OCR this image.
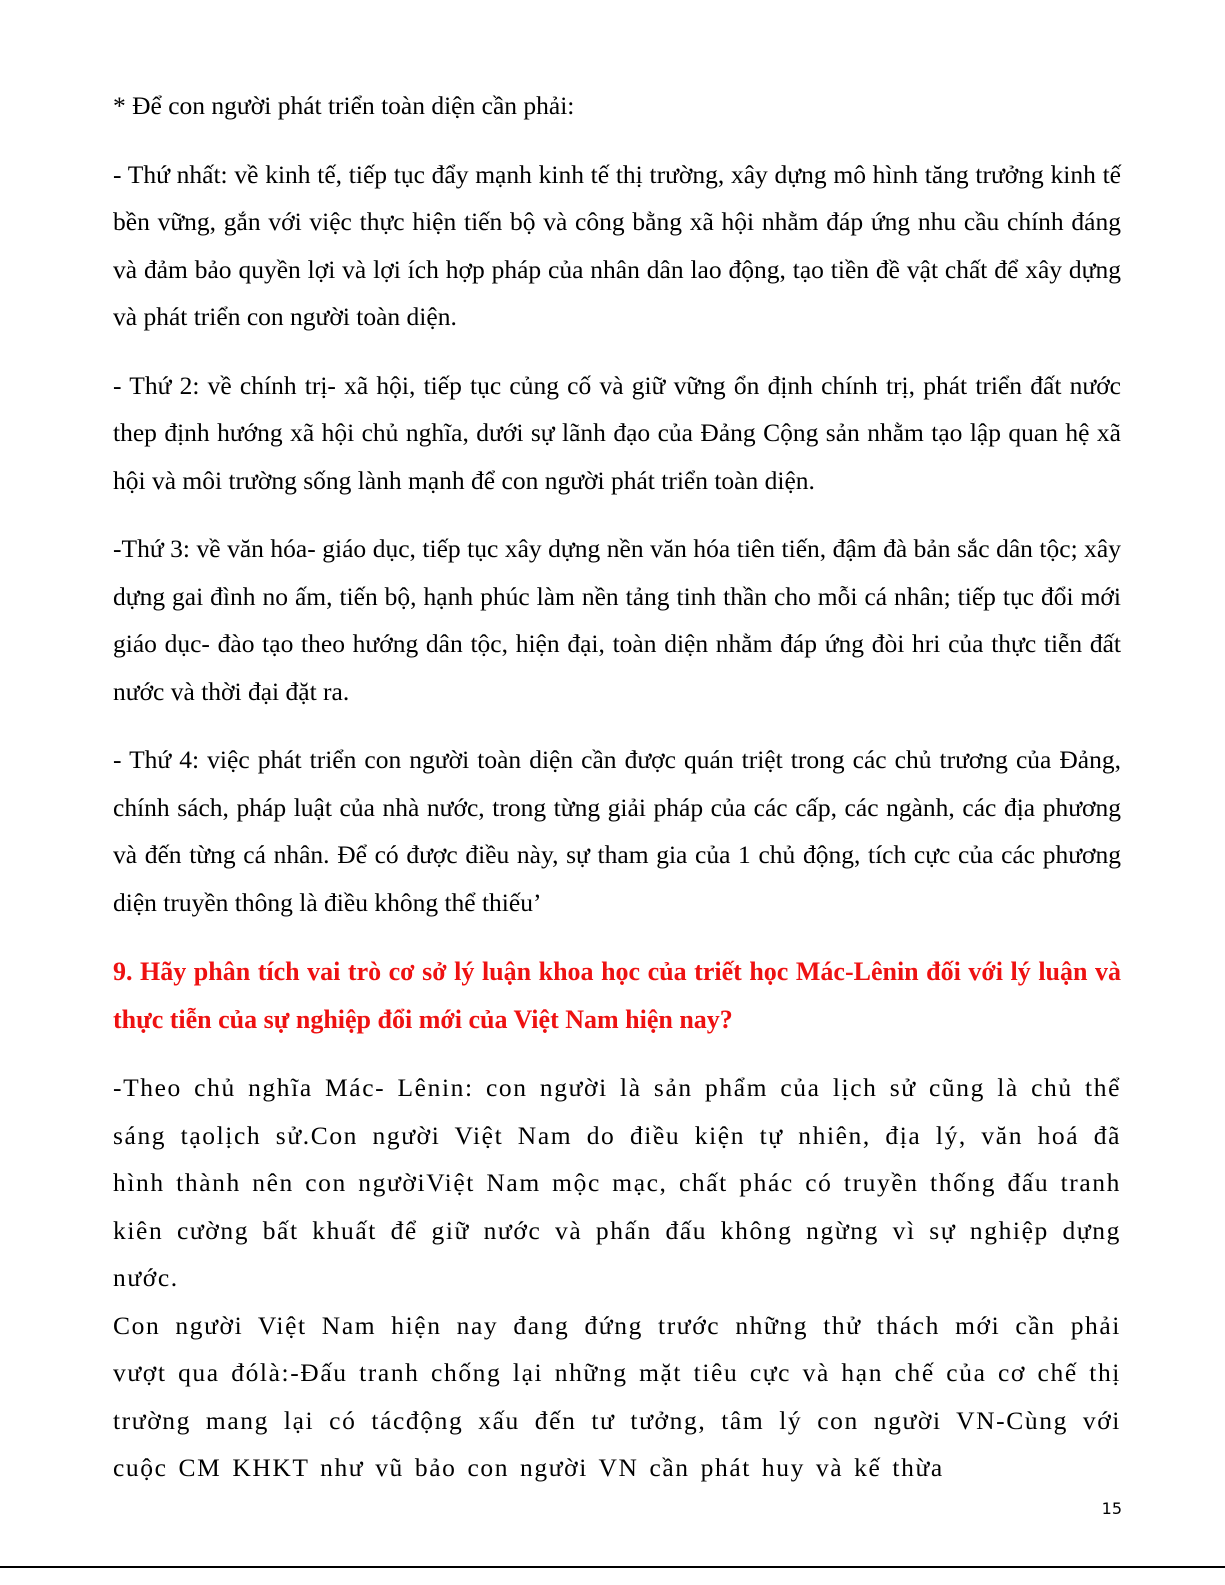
* Để con người phát triển toàn diện cần phải:

- Thứ nhất: về kinh tế, tiếp tục đẩy mạnh kinh tế thị trường, xây dựng mô hình tăng trưởng kinh tế bền vững, gắn với việc thực hiện tiến bộ và công bằng xã hội nhằm đáp ứng nhu cầu chính đáng và đảm bảo quyền lợi và lợi ích hợp pháp của nhân dân lao động, tạo tiền đề vật chất để xây dựng và phát triển con người toàn diện.

- Thứ 2: về chính trị- xã hội, tiếp tục củng cố và giữ vững ổn định chính trị, phát triển đất nước thep định hướng xã hội chủ nghĩa, dưới sự lãnh đạo của Đảng Cộng sản nhằm tạo lập quan hệ xã hội và môi trường sống lành mạnh để con người phát triển toàn diện.

-Thứ 3: về văn hóa- giáo dục, tiếp tục xây dựng nền văn hóa tiên tiến, đậm đà bản sắc dân tộc; xây dựng gai đình no ấm, tiến bộ, hạnh phúc làm nền tảng tinh thần cho mỗi cá nhân; tiếp tục đổi mới giáo dục- đào tạo theo hướng dân tộc, hiện đại, toàn diện nhằm đáp ứng đòi hri của thực tiễn đất nước và thời đại đặt ra.

- Thứ 4: việc phát triển con người toàn diện cần được quán triệt trong các chủ trương của Đảng, chính sách, pháp luật của nhà nước, trong từng giải pháp của các cấp, các ngành, các địa phương và đến từng cá nhân. Để có được điều này, sự tham gia của 1 chủ động, tích cực của các phương diện truyền thông là điều không thể thiếu’

9. Hãy phân tích vai trò cơ sở lý luận khoa học của triết học Mác-Lênin đối với lý luận và thực tiễn của sự nghiệp đổi mới của Việt Nam hiện nay?

-Theo chủ nghĩa Mác- Lênin: con người là sản phẩm của lịch sử cũng là chủ thể sáng tạolịch sử.Con người Việt Nam do điều kiện tự nhiên, địa lý, văn hoá đã hình thành nên con ngườiViệt Nam mộc mạc, chất phác có truyền thống đấu tranh kiên cường bất khuất để giữ nước và phấn đấu không ngừng vì sự nghiệp dựng nước.

Con người Việt Nam hiện nay đang đứng trước những thử thách mới cần phải vượt qua đólà:-Đấu tranh chống lại những mặt tiêu cực và hạn chế của cơ chế thị trường mang lại có tácđộng xấu đến tư tưởng, tâm lý con người VN-Cùng với cuộc CM KHKT như vũ bảo con người VN cần phát huy và kế thừa

15
